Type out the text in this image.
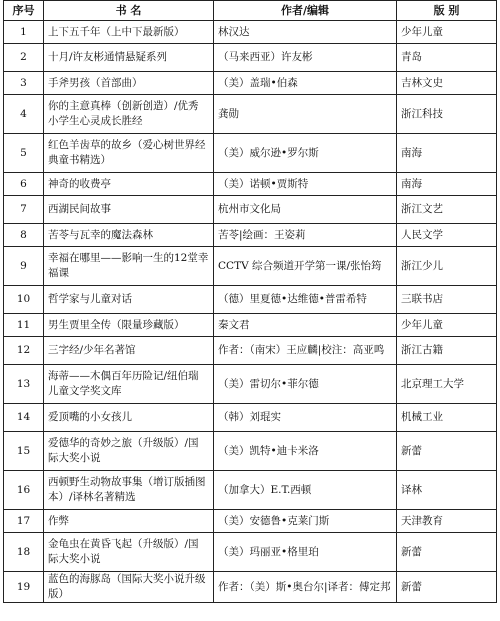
序号	书 名	作者/编辑	版 别
1	上下五千年（上中下最新版）	林汉达	少年儿童
2	十月/许友彬通情悬疑系列	（马来西亚）许友彬	青岛
3	手斧男孩（首部曲）	（美）盖瑞•伯森	吉林文史
4	你的主意真棒（创新创造）/优秀小学生心灵成长胜经	龚勋	浙江科技
5	红色羊齿草的故乡（爱心树世界经典童书精选）	（美）威尔逊•罗尔斯	南海
6	神奇的收费亭	（美）诺顿•贾斯特	南海
7	西湖民间故事	杭州市文化局	浙江文艺
8	苦苓与瓦幸的魔法森林	苦苓|绘画：王姿莉	人民文学
9	幸福在哪里——影响一生的12堂幸福课	CCTV 综合频道开学第一课/张怡筠	浙江少儿
10	哲学家与儿童对话	（德）里夏德•达维德•普雷希特	三联书店
11	男生贾里全传（限量珍藏版）	秦文君	少年儿童
12	三字经/少年名著馆	作者：（南宋）王应麟|校注：高亚鸣	浙江古籍
13	海蒂——木偶百年历险记/纽伯瑞儿童文学奖文库	（美）雷切尔•菲尔德	北京理工大学
14	爱顶嘴的小女孩儿	（韩）刘琨实	机械工业
15	爱德华的奇妙之旅（升级版）/国际大奖小说	（美）凯特•迪卡米洛	新蕾
16	西顿野生动物故事集（增订版插图本）/译林名著精选	（加拿大）E.T.西顿	译林
17	作弊	（美）安德鲁•克莱门斯	天津教育
18	金龟虫在黄昏飞起（升级版）/国际大奖小说	（美）玛丽亚•格里珀	新蕾
19	蓝色的海豚岛（国际大奖小说升级版）	作者：（美）斯•奥台尔|译者：傅定邦	新蕾
